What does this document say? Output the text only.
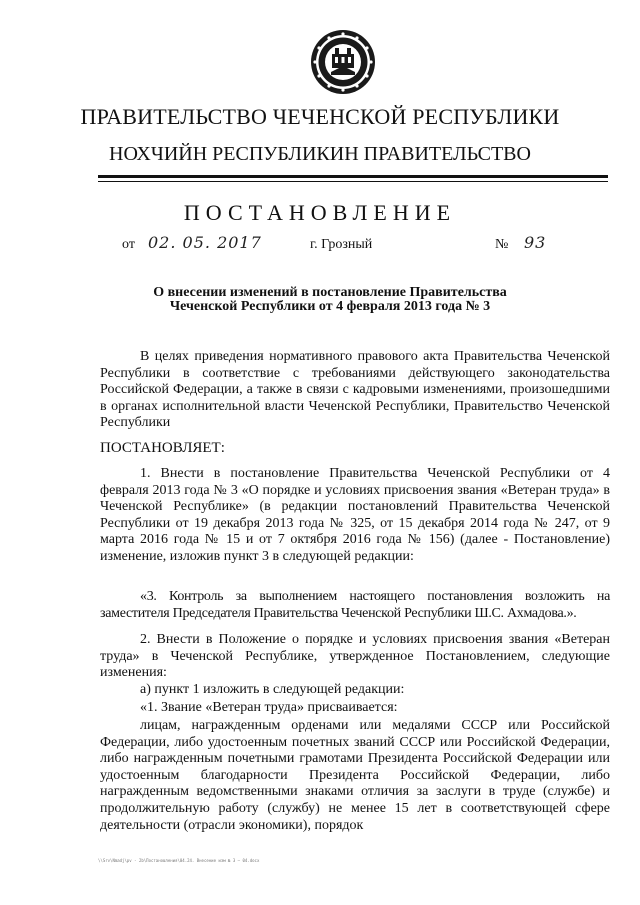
ПРАВИТЕЛЬСТВО ЧЕЧЕНСКОЙ РЕСПУБЛИКИ
НОХЧИЙН РЕСПУБЛИКИН ПРАВИТЕЛЬСТВО
ПОСТАНОВЛЕНИЕ
от 02. 05. 2017	г. Грозный	№ 93
О внесении изменений в постановление Правительства
Чеченской Республики от 4 февраля 2013 года № 3

В целях приведения нормативного правового акта Правительства Чеченской Республики в соответствие с требованиями действующего законодательства Российской Федерации, а также в связи с кадровыми изменениями, произошедшими в органах исполнительной власти Чеченской Республики, Правительство Чеченской Республики

ПОСТАНОВЛЯЕТ:

1. Внести в постановление Правительства Чеченской Республики от 4 февраля 2013 года № 3 «О порядке и условиях присвоения звания «Ветеран труда» в Чеченской Республике» (в редакции постановлений Правительства Чеченской Республики от 19 декабря 2013 года № 325, от 15 декабря 2014 года № 247, от 9 марта 2016 года № 15 и от 7 октября 2016 года № 156) (далее - Постановление) изменение, изложив пункт 3 в следующей редакции:

«3. Контроль за выполнением настоящего постановления возложить на заместителя Председателя Правительства Чеченской Республики Ш.С. Ахмадова.».

2. Внести в Положение о порядке и условиях присвоения звания «Ветеран труда» в Чеченской Республике, утвержденное Постановлением, следующие изменения:

а) пункт 1 изложить в следующей редакции:

«1. Звание «Ветеран труда» присваивается:

лицам, награжденным орденами или медалями СССР или Российской Федерации, либо удостоенным почетных званий СССР или Российской Федерации, либо награжденным почетными грамотами Президента Российской Федерации или удостоенным благодарности Президента Российской Федерации, либо награжденным ведомственными знаками отличия за заслуги в труде (службе) и продолжительную работу (службу) не менее 15 лет в соответствующей сфере деятельности (отрасли экономики), порядок

\\Srv\Nmadj\pv - 2b\Постановления\04.24. Внесение изм № 3 — 04.docx
